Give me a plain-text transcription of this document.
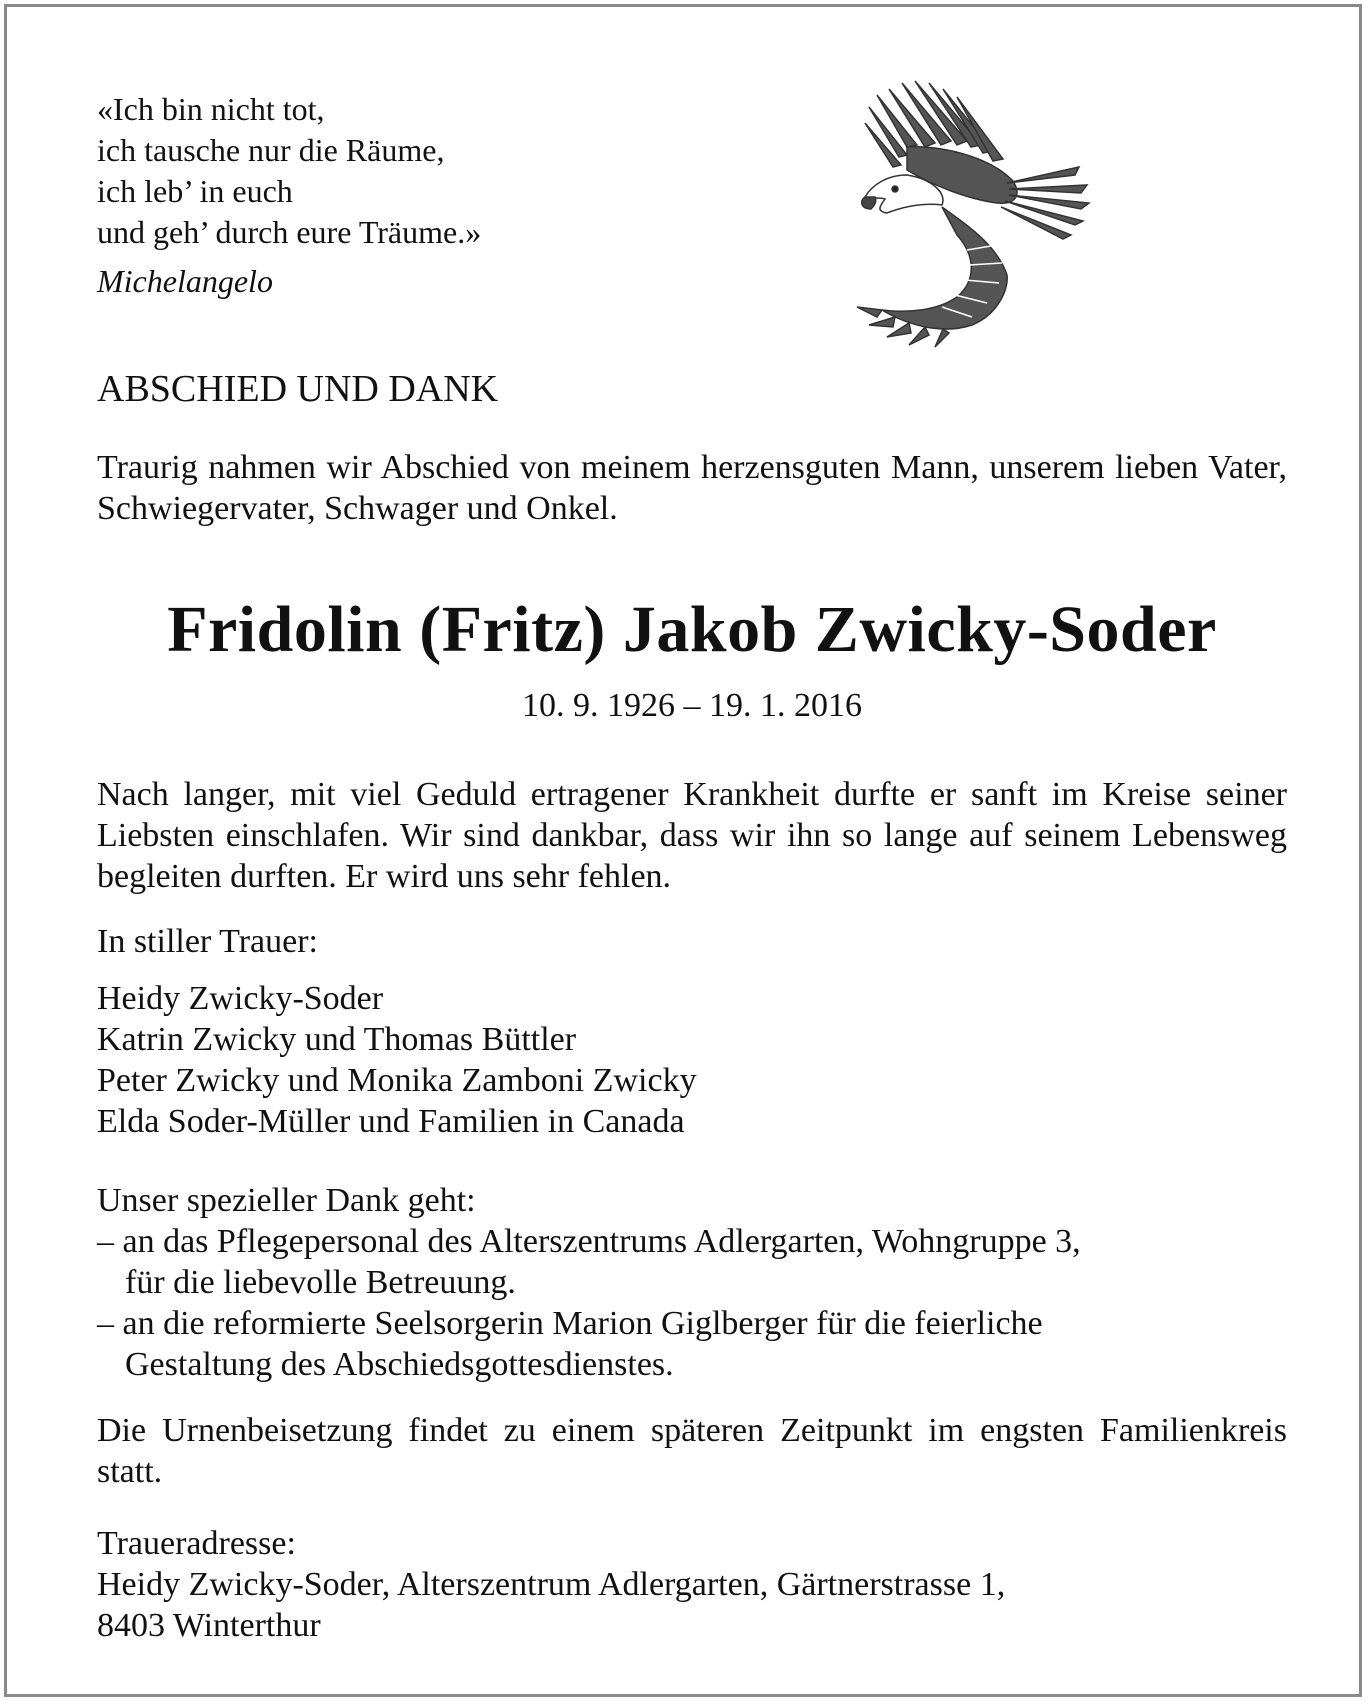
«Ich bin nicht tot,
ich tausche nur die Räume,
ich leb’ in euch
und geh’ durch eure Träume.»
Michelangelo
ABSCHIED UND DANK

Traurig nahmen wir Abschied von meinem herzensguten Mann, unserem lieben Vater, Schwiegervater, Schwager und Onkel.

Fridolin (Fritz) Jakob Zwicky-Soder
10. 9. 1926 – 19. 1. 2016

Nach langer, mit viel Geduld ertragener Krankheit durfte er sanft im Kreise seiner Liebsten einschlafen. Wir sind dankbar, dass wir ihn so lange auf seinem Lebensweg begleiten durften. Er wird uns sehr fehlen.

In stiller Trauer:
Heidy Zwicky-Soder
Katrin Zwicky und Thomas Büttler
Peter Zwicky und Monika Zamboni Zwicky
Elda Soder-Müller und Familien in Canada
Unser spezieller Dank geht:
– an das Pflegepersonal des Alterszentrums Adlergarten, Wohngruppe 3,
für die liebevolle Betreuung.
– an die reformierte Seelsorgerin Marion Giglberger für die feierliche
Gestaltung des Abschiedsgottesdienstes.

Die Urnenbeisetzung findet zu einem späteren Zeitpunkt im engsten Familienkreis statt.

Traueradresse:
Heidy Zwicky-Soder, Alterszentrum Adlergarten, Gärtnerstrasse 1,
8403 Winterthur
